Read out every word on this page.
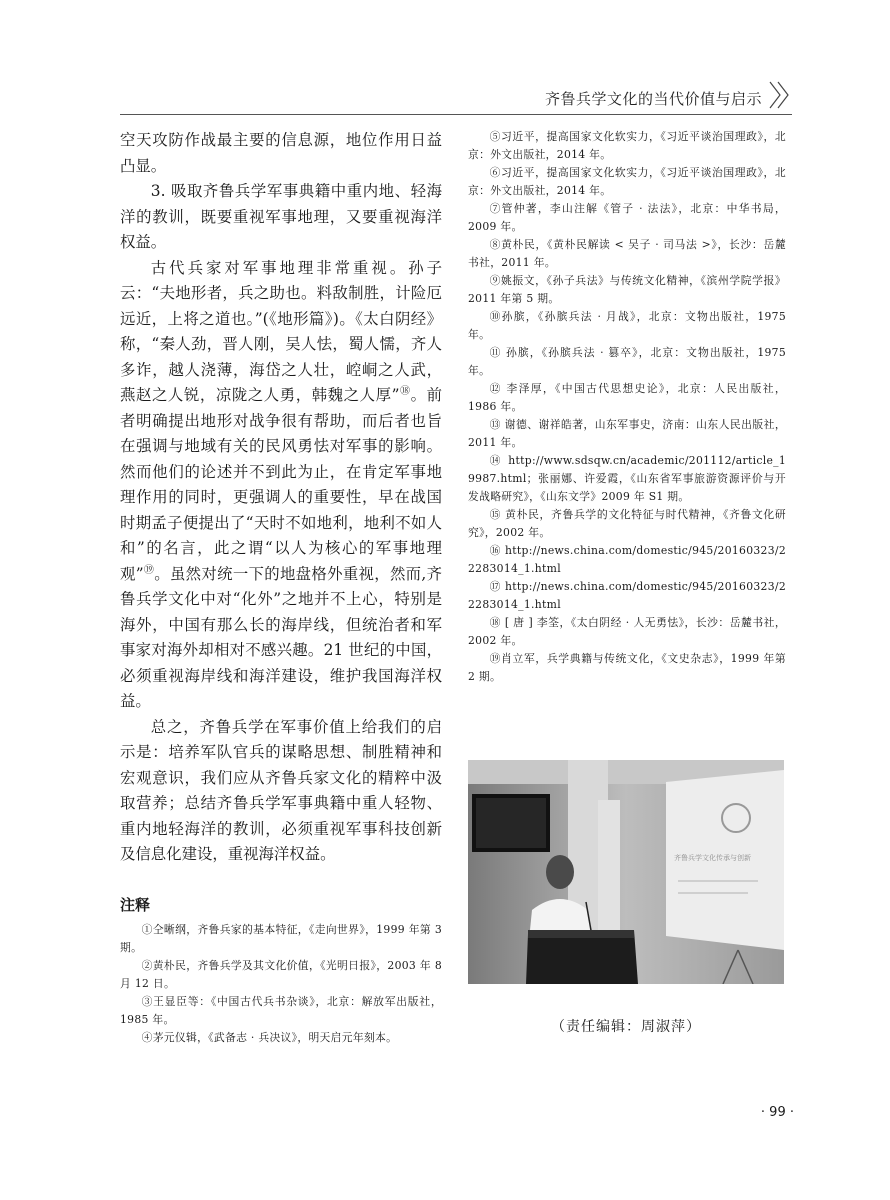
齐鲁兵学文化的当代价值与启示

空天攻防作战最主要的信息源，地位作用日益凸显。

3. 吸取齐鲁兵学军事典籍中重内地、轻海洋的教训，既要重视军事地理，又要重视海洋权益。

古代兵家对军事地理非常重视。孙子云：“夫地形者，兵之助也。料敌制胜，计险厄远近，上将之道也。”(《地形篇》)。《太白阴经》称，“秦人劲，晋人刚，吴人怯，蜀人懦，齐人多诈，越人浇薄，海岱之人壮，崆峒之人武，燕赵之人锐，凉陇之人勇，韩魏之人厚”⑱。前者明确提出地形对战争很有帮助，而后者也旨在强调与地域有关的民风勇怯对军事的影响。然而他们的论述并不到此为止，在肯定军事地理作用的同时，更强调人的重要性，早在战国时期孟子便提出了“天时不如地利，地利不如人和”的名言，此之谓“以人为核心的军事地理观”⑲。虽然对统一下的地盘格外重视，然而,齐鲁兵学文化中对“化外”之地并不上心，特别是海外，中国有那么长的海岸线，但统治者和军事家对海外却相对不感兴趣。21 世纪的中国，必须重视海岸线和海洋建设，维护我国海洋权益。

总之，齐鲁兵学在军事价值上给我们的启示是：培养军队官兵的谋略思想、制胜精神和宏观意识，我们应从齐鲁兵家文化的精粹中汲取营养；总结齐鲁兵学军事典籍中重人轻物、重内地轻海洋的教训，必须重视军事科技创新及信息化建设，重视海洋权益。

注释

①仝晰纲，齐鲁兵家的基本特征，《走向世界》，1999 年第 3 期。

②黄朴民，齐鲁兵学及其文化价值，《光明日报》，2003 年 8 月 12 日。

③王显臣等：《中国古代兵书杂谈》，北京：解放军出版社，1985 年。

④茅元仪辑，《武备志 · 兵决议》，明天启元年刻本。

⑤习近平，提高国家文化软实力，《习近平谈治国理政》，北京：外文出版社，2014 年。

⑥习近平，提高国家文化软实力，《习近平谈治国理政》，北京：外文出版社，2014 年。

⑦管仲著，李山注解《管子 · 法法》，北京：中华书局，2009 年。

⑧黄朴民，《黄朴民解读 < 吴子 · 司马法 >》，长沙：岳麓书社，2011 年。

⑨姚振文，《孙子兵法》与传统文化精神，《滨州学院学报》2011 年第 5 期。

⑩孙膑，《孙膑兵法 · 月战》，北京：文物出版社，1975 年。

⑪ 孙膑，《孙膑兵法 · 篡卒》，北京：文物出版社，1975 年。

⑫ 李泽厚，《中国古代思想史论》，北京：人民出版社，1986 年。

⑬ 谢德、谢祥皓著，山东军事史，济南：山东人民出版社，2011 年。

⑭ http://www.sdsqw.cn/academic/201112/article_19987.html；张丽娜、许爱霞，《山东省军事旅游资源评价与开发战略研究》，《山东文学》2009 年 S1 期。

⑮ 黄朴民，齐鲁兵学的文化特征与时代精神，《齐鲁文化研究》，2002 年。

⑯ http://news.china.com/domestic/945/20160323/22283014_1.html

⑰ http://news.china.com/domestic/945/20160323/22283014_1.html

⑱ [ 唐 ] 李筌，《太白阴经 · 人无勇怯》，长沙：岳麓书社，2002 年。

⑲肖立军，兵学典籍与传统文化，《文史杂志》，1999 年第 2 期。

齐鲁兵学文化传承与创新
（责任编辑：周淑萍）
· 99 ·
